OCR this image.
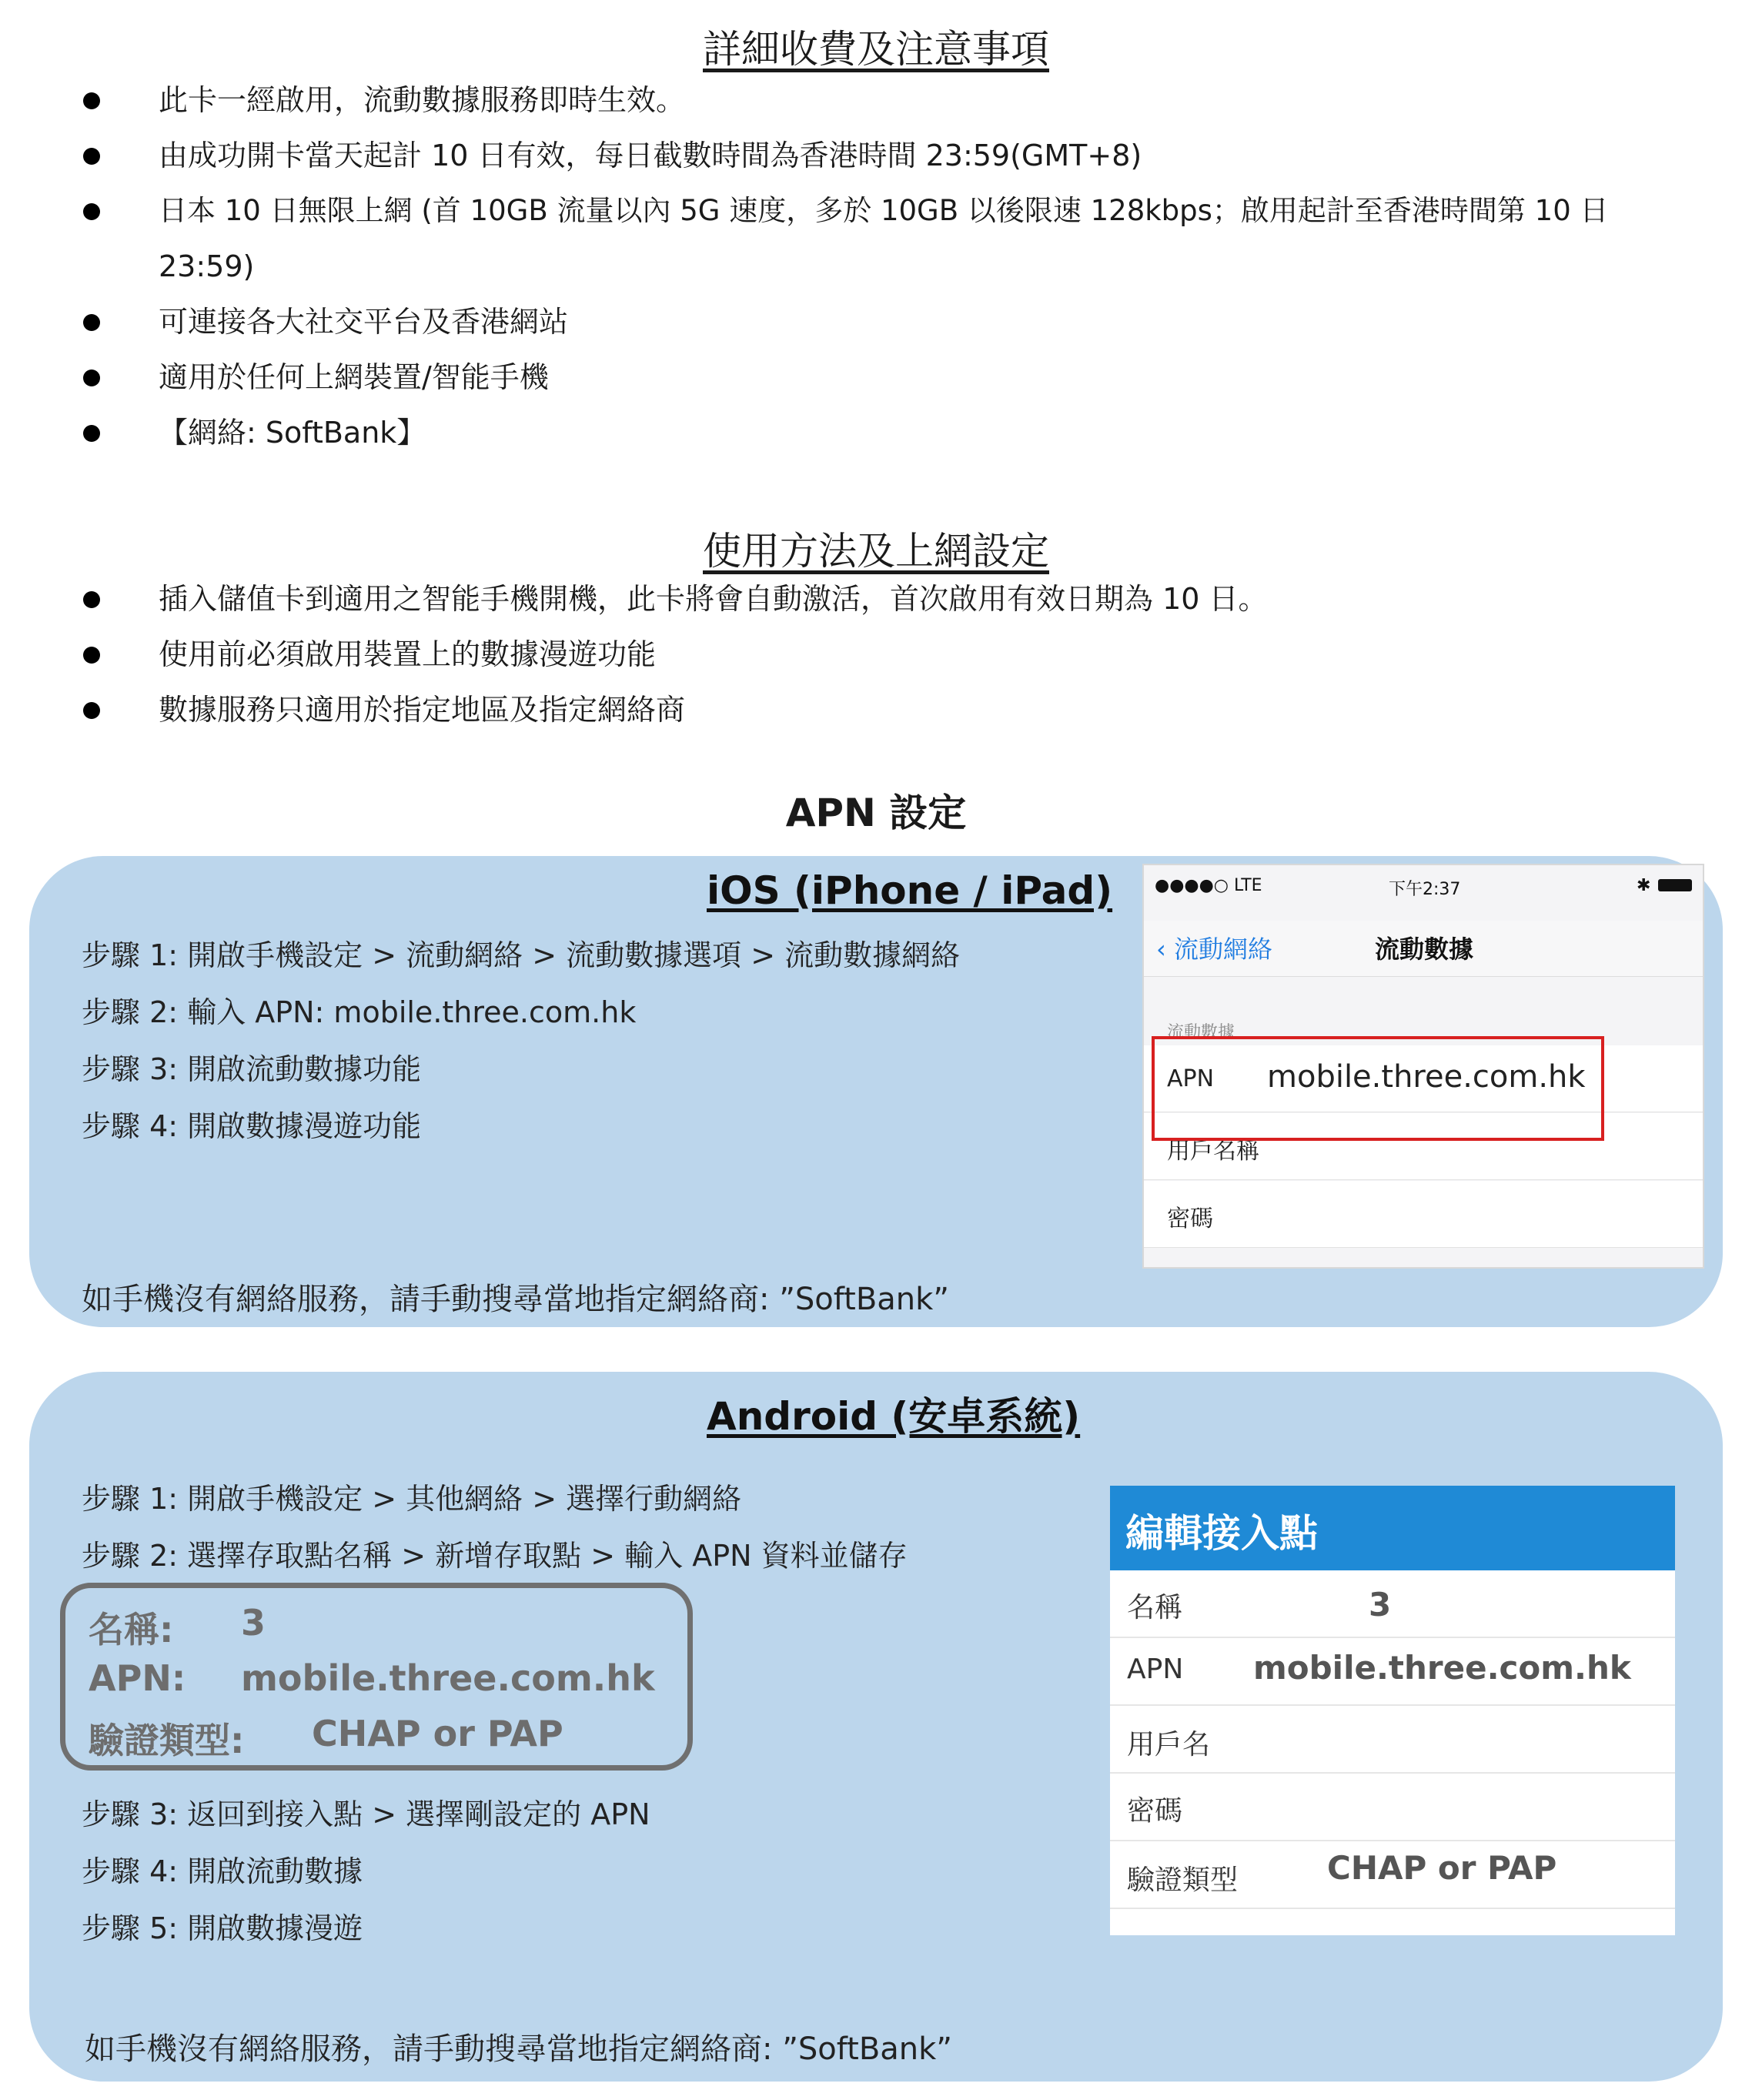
詳細收費及注意事項
此卡一經啟用，流動數據服務即時生效。
由成功開卡當天起計 10 日有效，每日截數時間為香港時間 23:59(GMT+8)
日本 10 日無限上網 (首 10GB 流量以內 5G 速度，多於 10GB 以後限速 128kbps；啟用起計至香港時間第 10 日
23:59)
可連接各大社交平台及香港網站
適用於任何上網裝置/智能手機
【網絡: SoftBank】
使用方法及上網設定
插入儲值卡到適用之智能手機開機，此卡將會自動激活，首次啟用有效日期為 10 日。
使用前必須啟用裝置上的數據漫遊功能
數據服務只適用於指定地區及指定網絡商
APN 設定
iOS (iPhone / iPad)
步驟 1: 開啟手機設定 > 流動網絡 > 流動數據選項 > 流動數據網絡
步驟 2: 輸入 APN: mobile.three.com.hk
步驟 3: 開啟流動數據功能
步驟 4: 開啟數據漫遊功能
如手機沒有網絡服務，請手動搜尋當地指定網絡商: ”SoftBank”
●●●●○ LTE	下午2:37	✱
‹ 流動網絡	流動數據
流動數據
APN mobile.three.com.hk
用戶名稱
密碼
Android (安卓系統)
步驟 1: 開啟手機設定 > 其他網絡 > 選擇行動網絡
步驟 2: 選擇存取點名稱 > 新增存取點 > 輸入 APN 資料並儲存
名稱: 3
APN: mobile.three.com.hk
驗證類型: CHAP or PAP
步驟 3: 返回到接入點 > 選擇剛設定的 APN
步驟 4: 開啟流動數據
步驟 5: 開啟數據漫遊
如手機沒有網絡服務，請手動搜尋當地指定網絡商: ”SoftBank”
編輯接入點
名稱	3
APN mobile.three.com.hk
用戶名
密碼
驗證類型	CHAP or PAP
